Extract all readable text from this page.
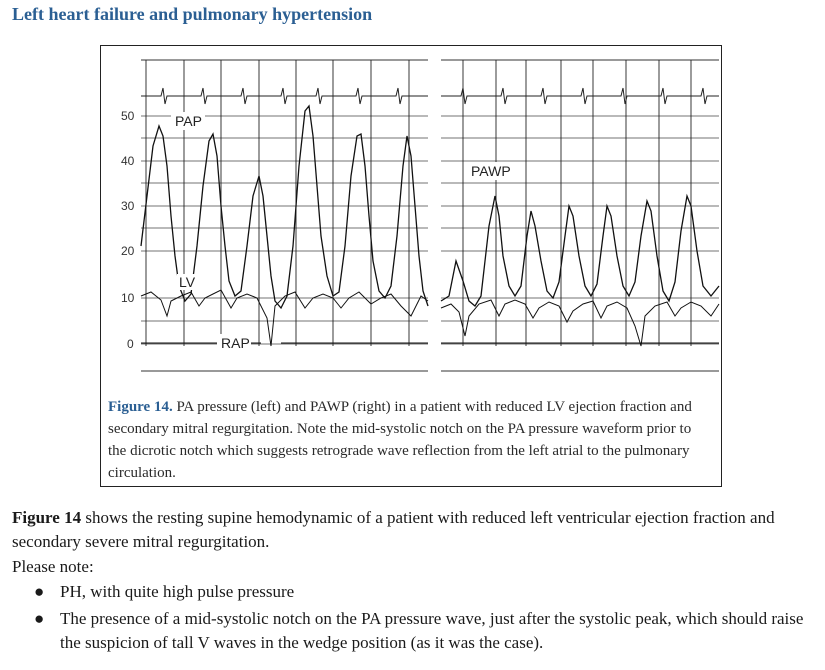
Left heart failure and pulmonary hypertension
50
40
30
20
10
0
PAP
LV
RAP
PAWP
Figure 14. PA pressure (left) and PAWP (right) in a patient with reduced LV ejection fraction and secondary mitral regurgitation. Note the mid-systolic notch on the PA pressure waveform prior to the dicrotic notch which suggests retrograde wave reflection from the left atrial to the pulmonary circulation.
Figure 14 shows the resting supine hemodynamic of a patient with reduced left ventricular ejection fraction and secondary severe mitral regurgitation.
Please note:
● PH, with quite high pulse pressure
● The presence of a mid-systolic notch on the PA pressure wave, just after the systolic peak, which should raise the suspicion of tall V waves in the wedge position (as it was the case).
